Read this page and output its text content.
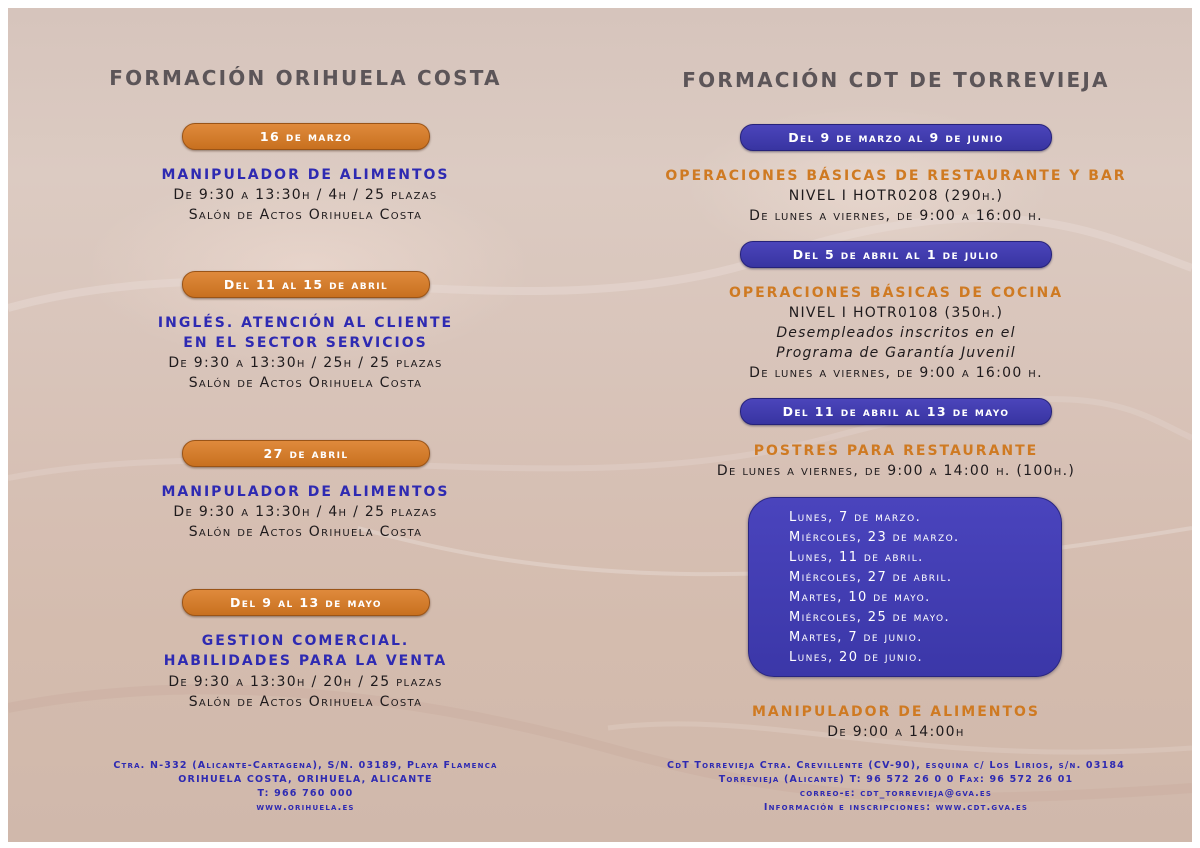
FORMACIÓN ORIHUELA COSTA
16 de marzo
MANIPULADOR DE ALIMENTOS
De 9:30 a 13:30h / 4h / 25 plazas
Salón de Actos Orihuela Costa
Del 11 al 15 de abril
INGLÉS. ATENCIÓN AL CLIENTE
EN EL SECTOR SERVICIOS
De 9:30 a 13:30h / 25h / 25 plazas
Salón de Actos Orihuela Costa
27 de abril
MANIPULADOR DE ALIMENTOS
De 9:30 a 13:30h / 4h / 25 plazas
Salón de Actos Orihuela Costa
Del 9 al 13 de mayo
GESTION COMERCIAL.
HABILIDADES PARA LA VENTA
De 9:30 a 13:30h / 20h / 25 plazas
Salón de Actos Orihuela Costa
Ctra. N-332 (Alicante-Cartagena), S/N. 03189, Playa Flamenca
ORIHUELA COSTA, ORIHUELA, ALICANTE
T: 966 760 000
www.orihuela.es
FORMACIÓN CDT DE TORREVIEJA
Del 9 de marzo al 9 de junio
OPERACIONES BÁSICAS DE RESTAURANTE Y BAR
NIVEL I HOTR0208 (290h.)
De lunes a viernes, de 9:00 a 16:00 h.
Del 5 de abril al 1 de julio
OPERACIONES BÁSICAS DE COCINA
NIVEL I HOTR0108 (350h.)
Desempleados inscritos en el
Programa de Garantía Juvenil
De lunes a viernes, de 9:00 a 16:00 h.
Del 11 de abril al 13 de mayo
POSTRES PARA RESTAURANTE
De lunes a viernes, de 9:00 a 14:00 h. (100h.)
Lunes, 7 de marzo.
Miércoles, 23 de marzo.
Lunes, 11 de abril.
Miércoles, 27 de abril.
Martes, 10 de mayo.
Miércoles, 25 de mayo.
Martes, 7 de junio.
Lunes, 20 de junio.
MANIPULADOR DE ALIMENTOS
De 9:00 a 14:00h
CdT Torrevieja Ctra. Crevillente (CV-90), esquina c/ Los Lirios, s/n. 03184
Torrevieja (Alicante) T: 96 572 26 0 0 Fax: 96 572 26 01
correo-e: cdt_torrevieja@gva.es
Información e inscripciones: www.cdt.gva.es
